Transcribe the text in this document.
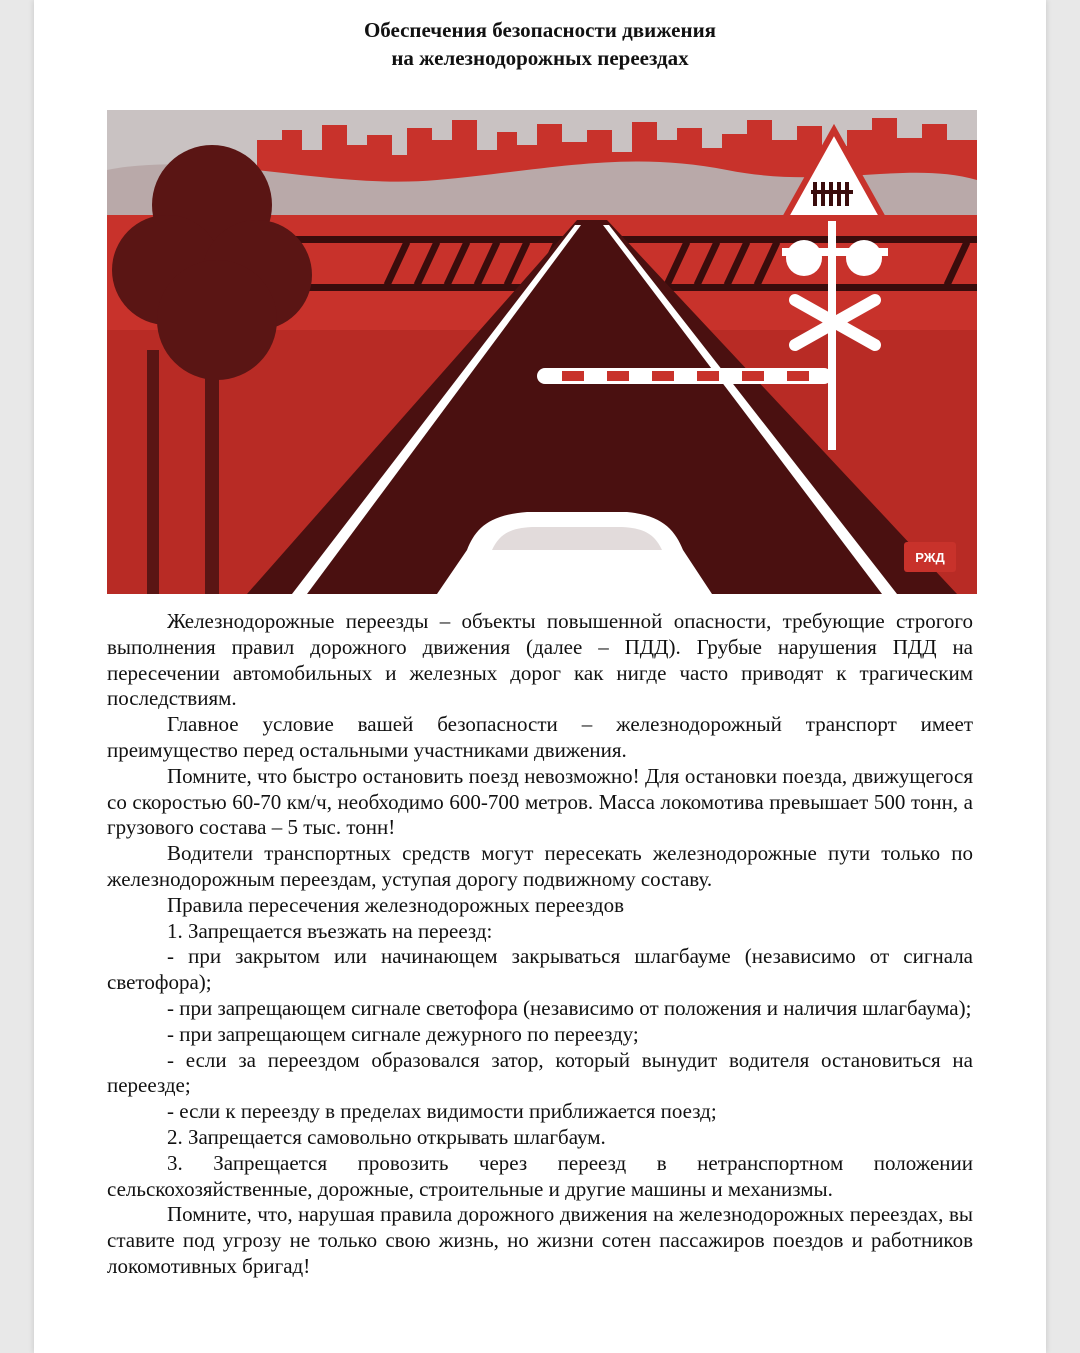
Обеспечения безопасности движения
на железнодорожных переездах
РЖД

Железнодорожные переезды – объекты повышенной опасности, требующие строгого выполнения правил дорожного движения (далее – ПДД). Грубые нарушения ПДД на пересечении автомобильных и железных дорог как нигде часто приводят к трагическим последствиям.

Главное условие вашей безопасности – железнодорожный транспорт имеет преимущество перед остальными участниками движения.

Помните, что быстро остановить поезд невозможно! Для остановки поезда, движущегося со скоростью 60-70 км/ч, необходимо 600-700 метров. Масса локомотива превышает 500 тонн, а грузового состава – 5 тыс. тонн!

Водители транспортных средств могут пересекать железнодорожные пути только по железнодорожным переездам, уступая дорогу подвижному составу.

Правила пересечения железнодорожных переездов

1. Запрещается въезжать на переезд:

- при закрытом или начинающем закрываться шлагбауме (независимо от сигнала светофора);

- при запрещающем сигнале светофора (независимо от положения и наличия шлагбаума);

- при запрещающем сигнале дежурного по переезду;

- если за переездом образовался затор, который вынудит водителя остановиться на переезде;

- если к переезду в пределах видимости приближается поезд;

2. Запрещается самовольно открывать шлагбаум.

3. Запрещается провозить через переезд в нетранспортном положении сельскохозяйственные, дорожные, строительные и другие машины и механизмы.

Помните, что, нарушая правила дорожного движения на железнодорожных переездах, вы ставите под угрозу не только свою жизнь, но жизни сотен пассажиров поездов и работников локомотивных бригад!
